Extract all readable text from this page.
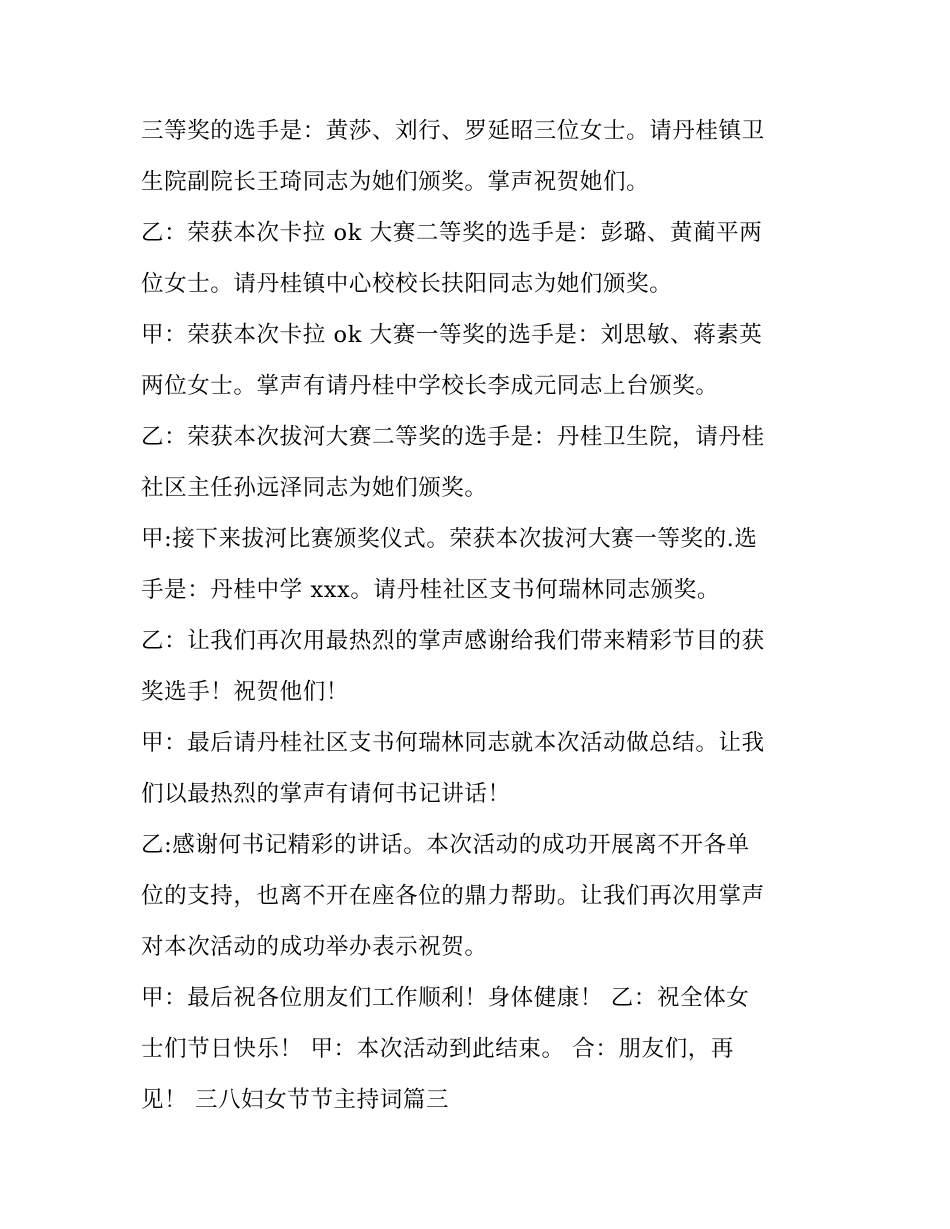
三等奖的选手是：黄莎、刘行、罗延昭三位女士。请丹桂镇卫
生院副院长王琦同志为她们颁奖。掌声祝贺她们。
乙：荣获本次卡拉 ok 大赛二等奖的选手是：彭璐、黄蔺平两
位女士。请丹桂镇中心校校长扶阳同志为她们颁奖。
甲：荣获本次卡拉 ok 大赛一等奖的选手是：刘思敏、蒋素英
两位女士。掌声有请丹桂中学校长李成元同志上台颁奖。
乙：荣获本次拔河大赛二等奖的选手是：丹桂卫生院，请丹桂
社区主任孙远泽同志为她们颁奖。
甲:接下来拔河比赛颁奖仪式。荣获本次拔河大赛一等奖的.选
手是：丹桂中学 xxx。请丹桂社区支书何瑞林同志颁奖。
乙：让我们再次用最热烈的掌声感谢给我们带来精彩节目的获
奖选手！祝贺他们！
甲：最后请丹桂社区支书何瑞林同志就本次活动做总结。让我
们以最热烈的掌声有请何书记讲话！
乙:感谢何书记精彩的讲话。本次活动的成功开展离不开各单
位的支持，也离不开在座各位的鼎力帮助。让我们再次用掌声
对本次活动的成功举办表示祝贺。
甲：最后祝各位朋友们工作顺利！身体健康！ 乙：祝全体女
士们节日快乐！ 甲：本次活动到此结束。 合：朋友们，再
见！ 三八妇女节节主持词篇三
